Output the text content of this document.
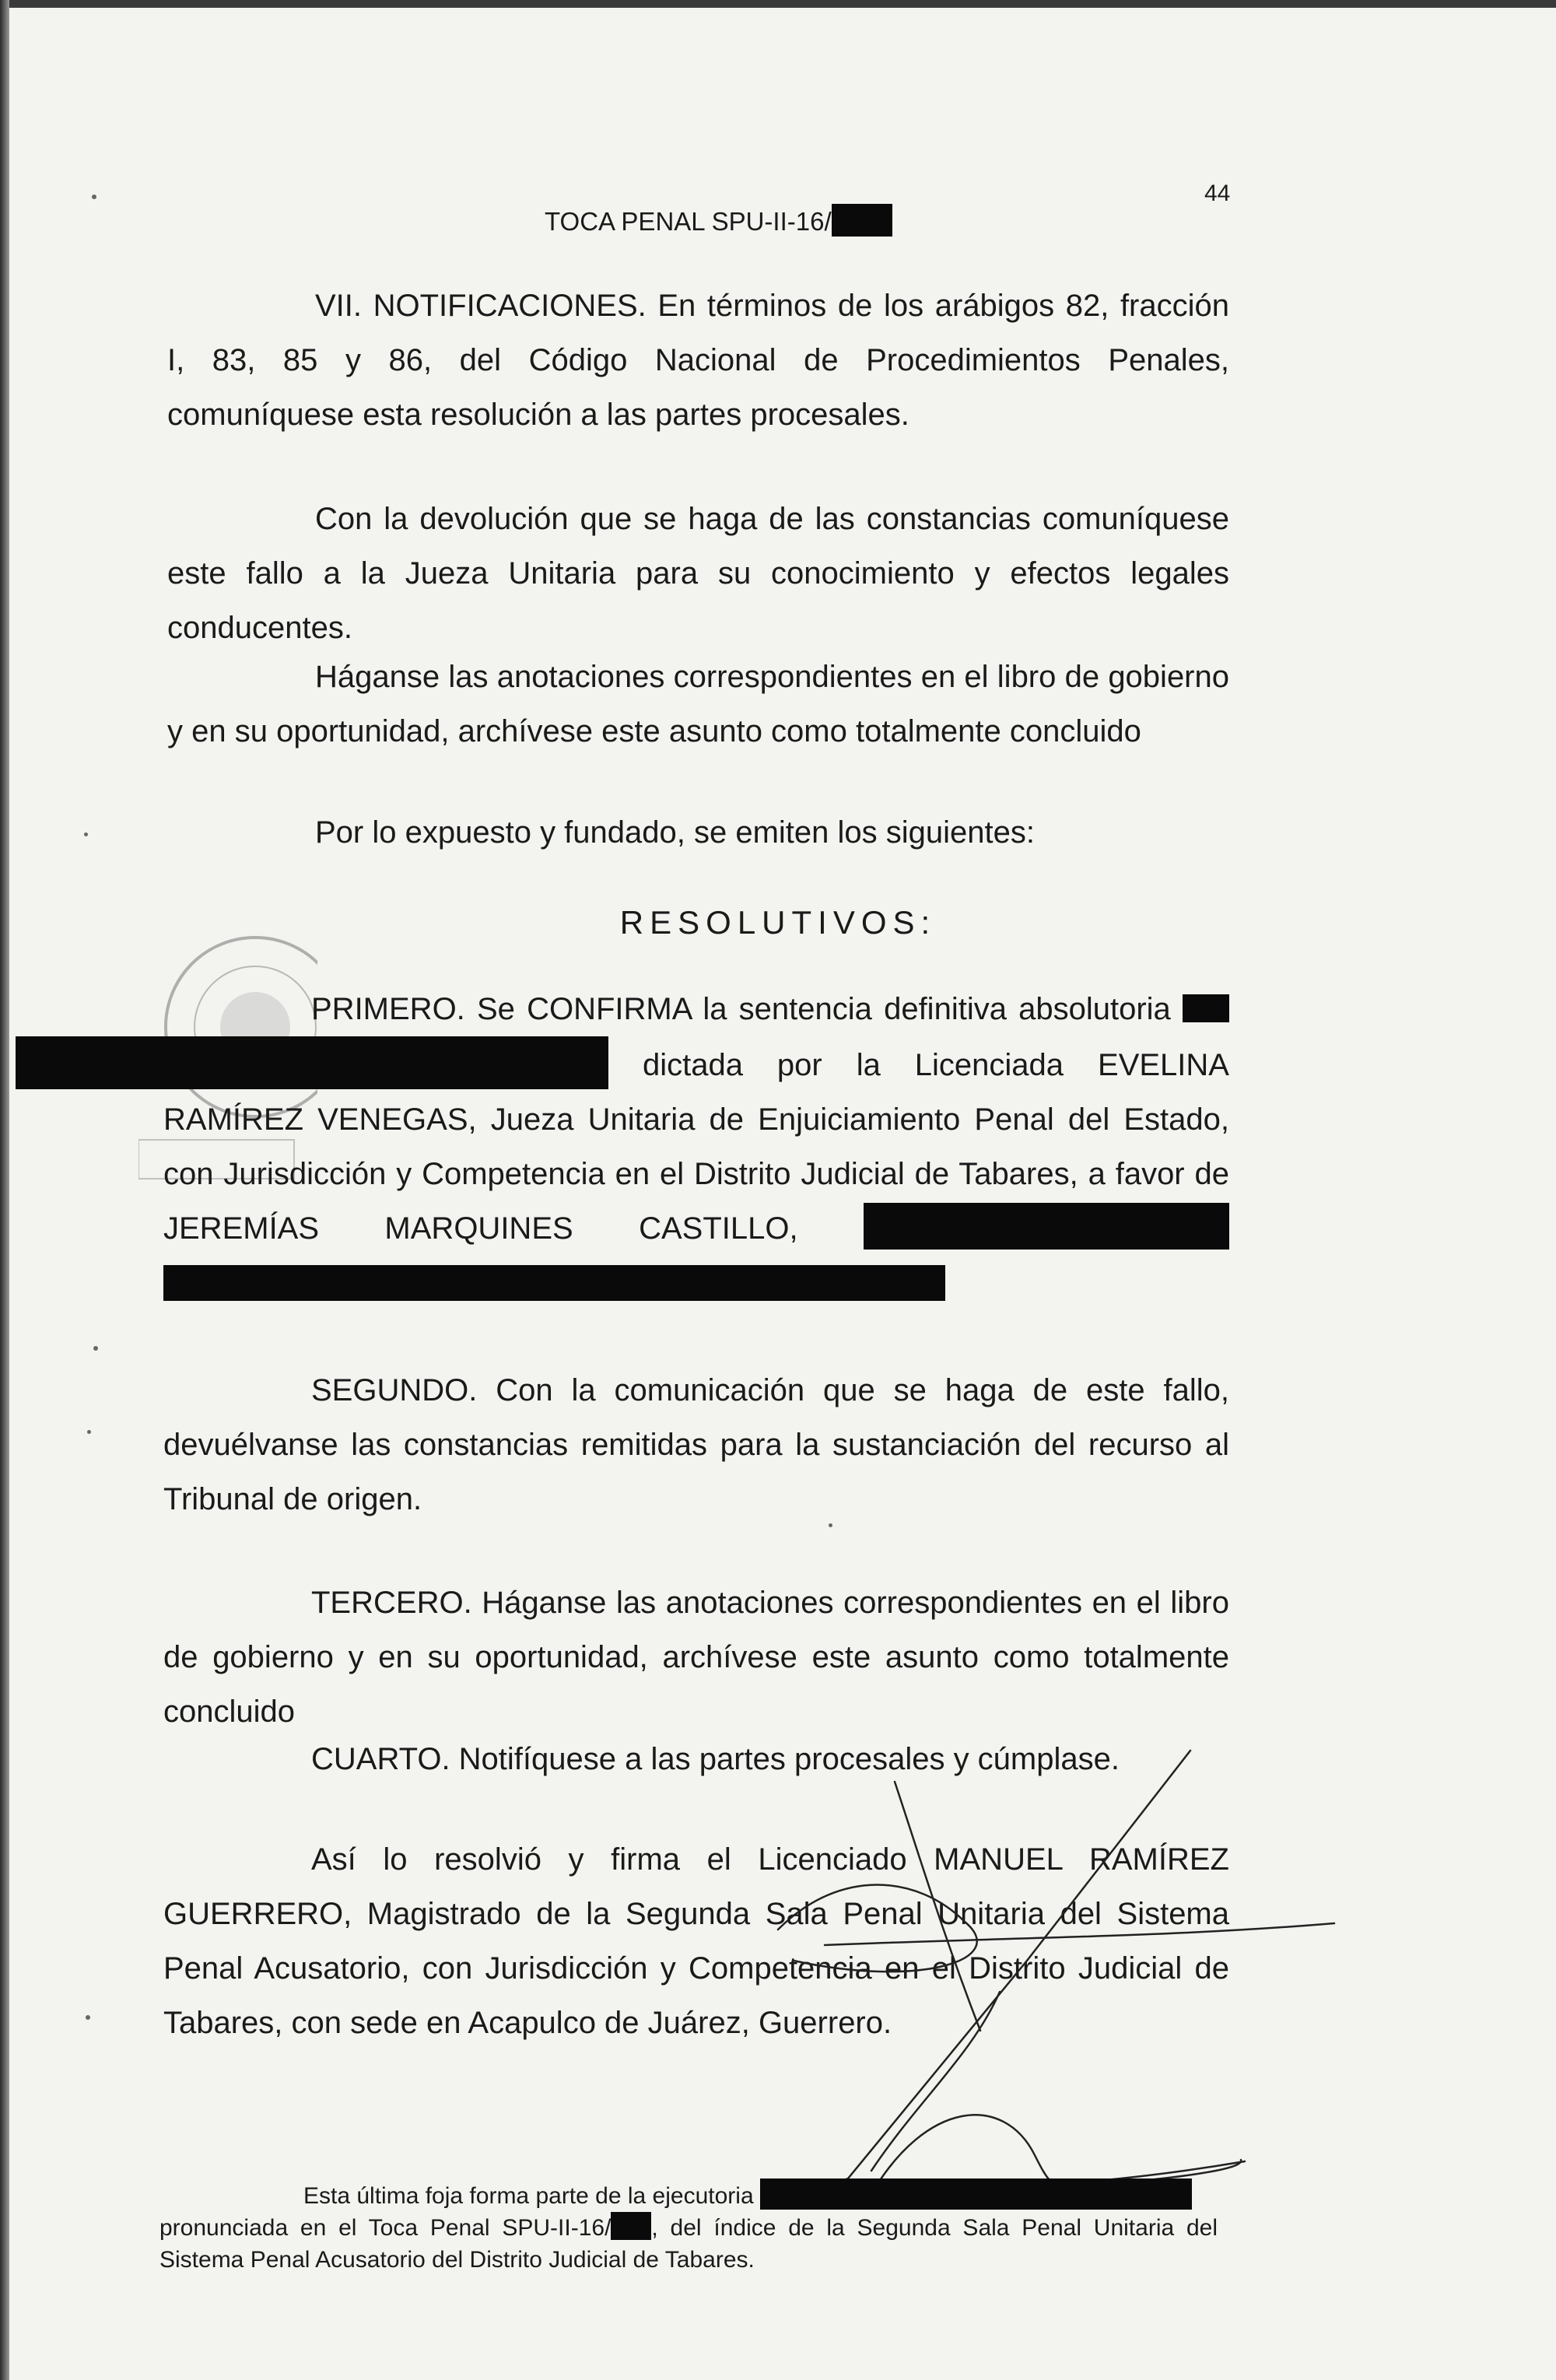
TOCA PENAL SPU-II-16/
44

VII. NOTIFICACIONES. En términos de los arábigos 82, fracción I, 83, 85 y 86, del Código Nacional de Procedimientos Penales, comuníquese esta resolución a las partes procesales.

Con la devolución que se haga de las constancias comuníquese este fallo a la Jueza Unitaria para su conocimiento y efectos legales conducentes.

Háganse las anotaciones correspondientes en el libro de gobierno y en su oportunidad, archívese este asunto como totalmente concluido

Por lo expuesto y fundado, se emiten los siguientes:

RESOLUTIVOS:

PRIMERO. Se CONFIRMA la sentencia definitiva absolutoria   dictada por la Licenciada EVELINA RAMÍREZ VENEGAS, Jueza Unitaria de Enjuiciamiento Penal del Estado, con Jurisdicción y Competencia en el Distrito Judicial de Tabares, a favor de JEREMÍAS MARQUINES CASTILLO,

SEGUNDO. Con la comunicación que se haga de este fallo, devuélvanse las constancias remitidas para la sustanciación del recurso al Tribunal de origen.

TERCERO. Háganse las anotaciones correspondientes en el libro de gobierno y en su oportunidad, archívese este asunto como totalmente concluido

CUARTO. Notifíquese a las partes procesales y cúmplase.

Así lo resolvió y firma el Licenciado MANUEL RAMÍREZ GUERRERO, Magistrado de la Segunda Sala Penal Unitaria del Sistema Penal Acusatorio, con Jurisdicción y Competencia en el Distrito Judicial de Tabares, con sede en Acapulco de Juárez, Guerrero.

Esta última foja forma parte de la ejecutoria
pronunciada en el Toca Penal SPU-II-16/ , del índice de la Segunda Sala Penal Unitaria del Sistema Penal Acusatorio del Distrito Judicial de Tabares.
